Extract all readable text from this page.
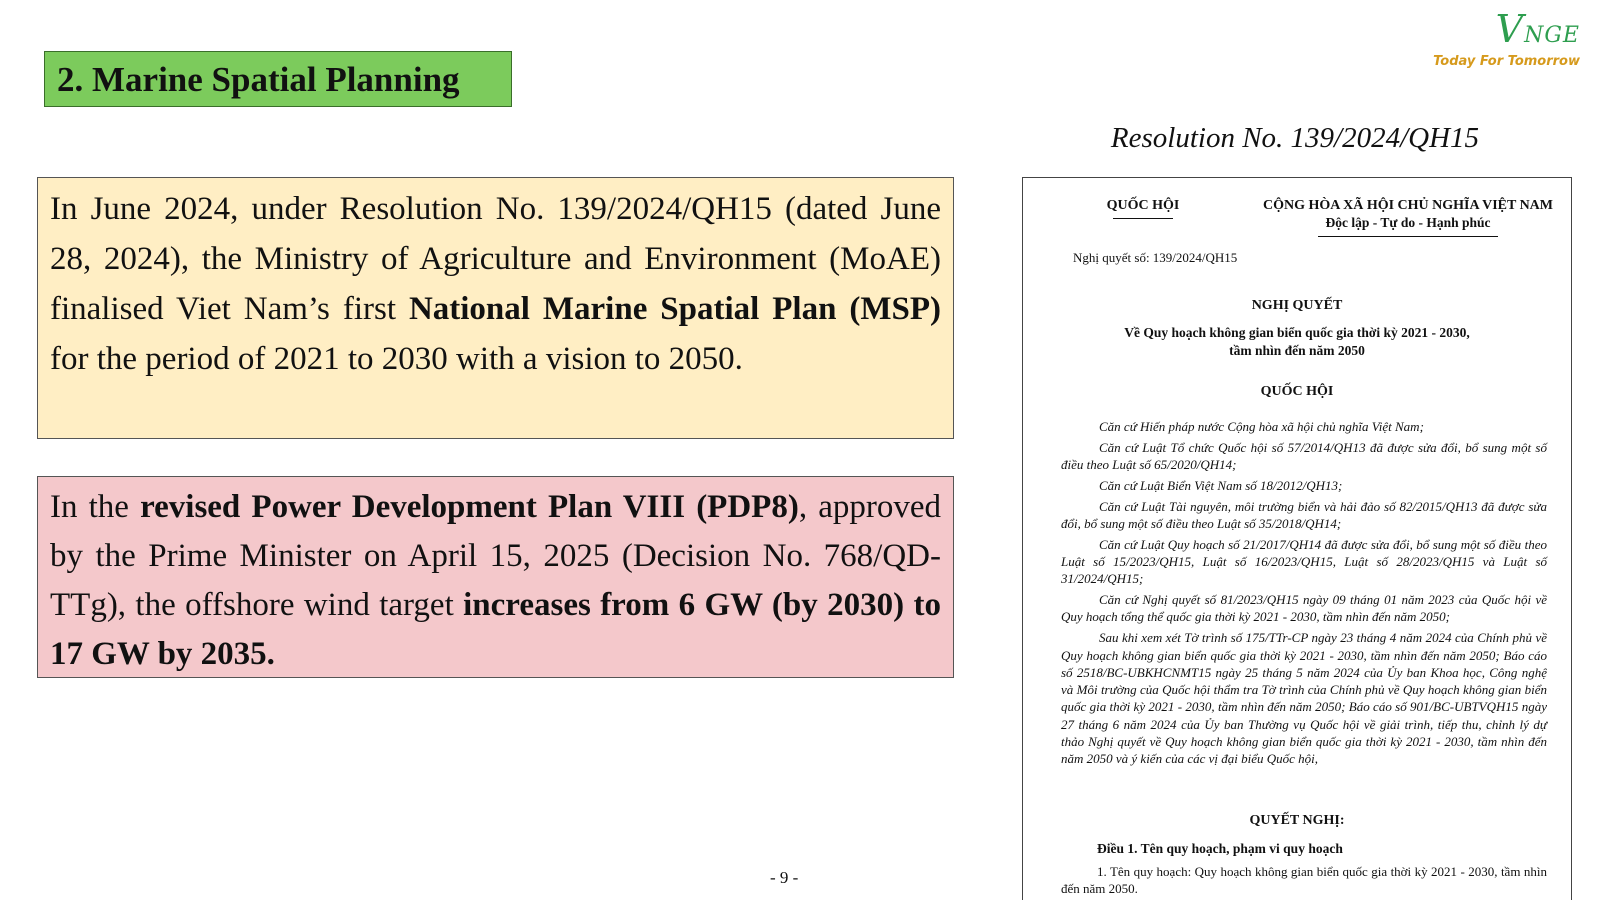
VNGE
Today For Tomorrow
2. Marine Spatial Planning
In June 2024, under Resolution No. 139/2024/QH15 (dated June 28, 2024), the Ministry of Agriculture and Environment (MoAE) finalised Viet Nam’s first National Marine Spatial Plan (MSP) for the period of 2021 to 2030 with a vision to 2050.
In the revised Power Development Plan VIII (PDP8), approved by the Prime Minister on April 15, 2025 (Decision No. 768/QD-TTg), the offshore wind target increases from 6 GW (by 2030) to 17 GW by 2035.
Resolution No. 139/2024/QH15
QUỐC HỘI	CỘNG HÒA XÃ HỘI CHỦ NGHĨA VIỆT NAM
Độc lập - Tự do - Hạnh phúc
Nghị quyết số: 139/2024/QH15
NGHỊ QUYẾT
Về Quy hoạch không gian biển quốc gia thời kỳ 2021 - 2030,
tầm nhìn đến năm 2050
QUỐC HỘI

Căn cứ Hiến pháp nước Cộng hòa xã hội chủ nghĩa Việt Nam;

Căn cứ Luật Tổ chức Quốc hội số 57/2014/QH13 đã được sửa đổi, bổ sung một số điều theo Luật số 65/2020/QH14;

Căn cứ Luật Biển Việt Nam số 18/2012/QH13;

Căn cứ Luật Tài nguyên, môi trường biển và hải đảo số 82/2015/QH13 đã được sửa đổi, bổ sung một số điều theo Luật số 35/2018/QH14;

Căn cứ Luật Quy hoạch số 21/2017/QH14 đã được sửa đổi, bổ sung một số điều theo Luật số 15/2023/QH15, Luật số 16/2023/QH15, Luật số 28/2023/QH15 và Luật số 31/2024/QH15;

Căn cứ Nghị quyết số 81/2023/QH15 ngày 09 tháng 01 năm 2023 của Quốc hội về Quy hoạch tổng thể quốc gia thời kỳ 2021 - 2030, tầm nhìn đến năm 2050;

Sau khi xem xét Tờ trình số 175/TTr-CP ngày 23 tháng 4 năm 2024 của Chính phủ về Quy hoạch không gian biển quốc gia thời kỳ 2021 - 2030, tầm nhìn đến năm 2050; Báo cáo số 2518/BC-UBKHCNMT15 ngày 25 tháng 5 năm 2024 của Ủy ban Khoa học, Công nghệ và Môi trường của Quốc hội thẩm tra Tờ trình của Chính phủ về Quy hoạch không gian biển quốc gia thời kỳ 2021 - 2030, tầm nhìn đến năm 2050; Báo cáo số 901/BC-UBTVQH15 ngày 27 tháng 6 năm 2024 của Ủy ban Thường vụ Quốc hội về giải trình, tiếp thu, chỉnh lý dự thảo Nghị quyết về Quy hoạch không gian biển quốc gia thời kỳ 2021 - 2030, tầm nhìn đến năm 2050 và ý kiến của các vị đại biểu Quốc hội,

QUYẾT NGHỊ:
Điều 1. Tên quy hoạch, phạm vi quy hoạch
1. Tên quy hoạch: Quy hoạch không gian biển quốc gia thời kỳ 2021 - 2030, tầm nhìn đến năm 2050.
- 9 -
